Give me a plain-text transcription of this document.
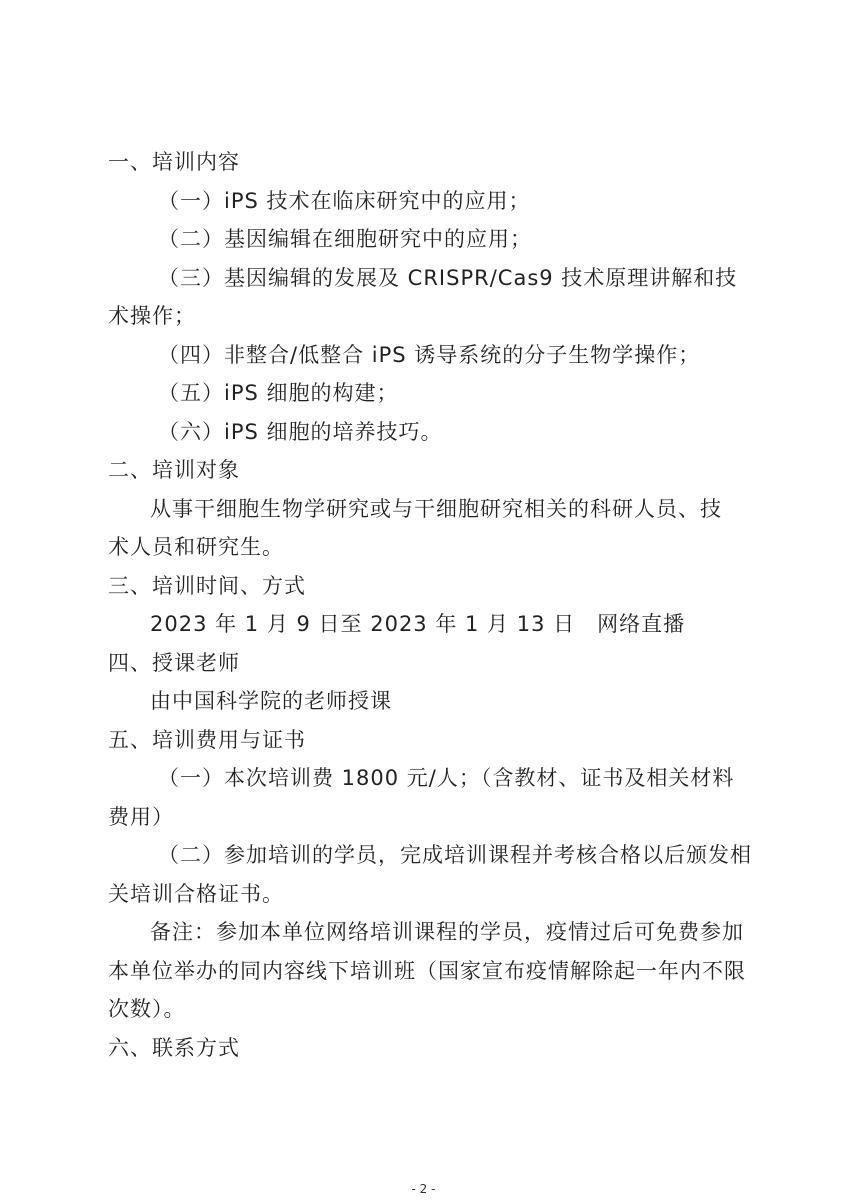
一、培训内容
（一）iPS 技术在临床研究中的应用；
（二）基因编辑在细胞研究中的应用；
（三）基因编辑的发展及 CRISPR/Cas9 技术原理讲解和技
术操作；
（四）非整合/低整合 iPS 诱导系统的分子生物学操作；
（五）iPS 细胞的构建；
（六）iPS 细胞的培养技巧。
二、培训对象
从事干细胞生物学研究或与干细胞研究相关的科研人员、技
术人员和研究生。
三、培训时间、方式
2023 年 1 月 9 日至 2023 年 1 月 13 日　网络直播
四、授课老师
由中国科学院的老师授课
五、培训费用与证书
（一）本次培训费 1800 元/人；（含教材、证书及相关材料
费用）
（二）参加培训的学员，完成培训课程并考核合格以后颁发相
关培训合格证书。
备注：参加本单位网络培训课程的学员，疫情过后可免费参加
本单位举办的同内容线下培训班（国家宣布疫情解除起一年内不限
次数）。
六、联系方式
- 2 -
